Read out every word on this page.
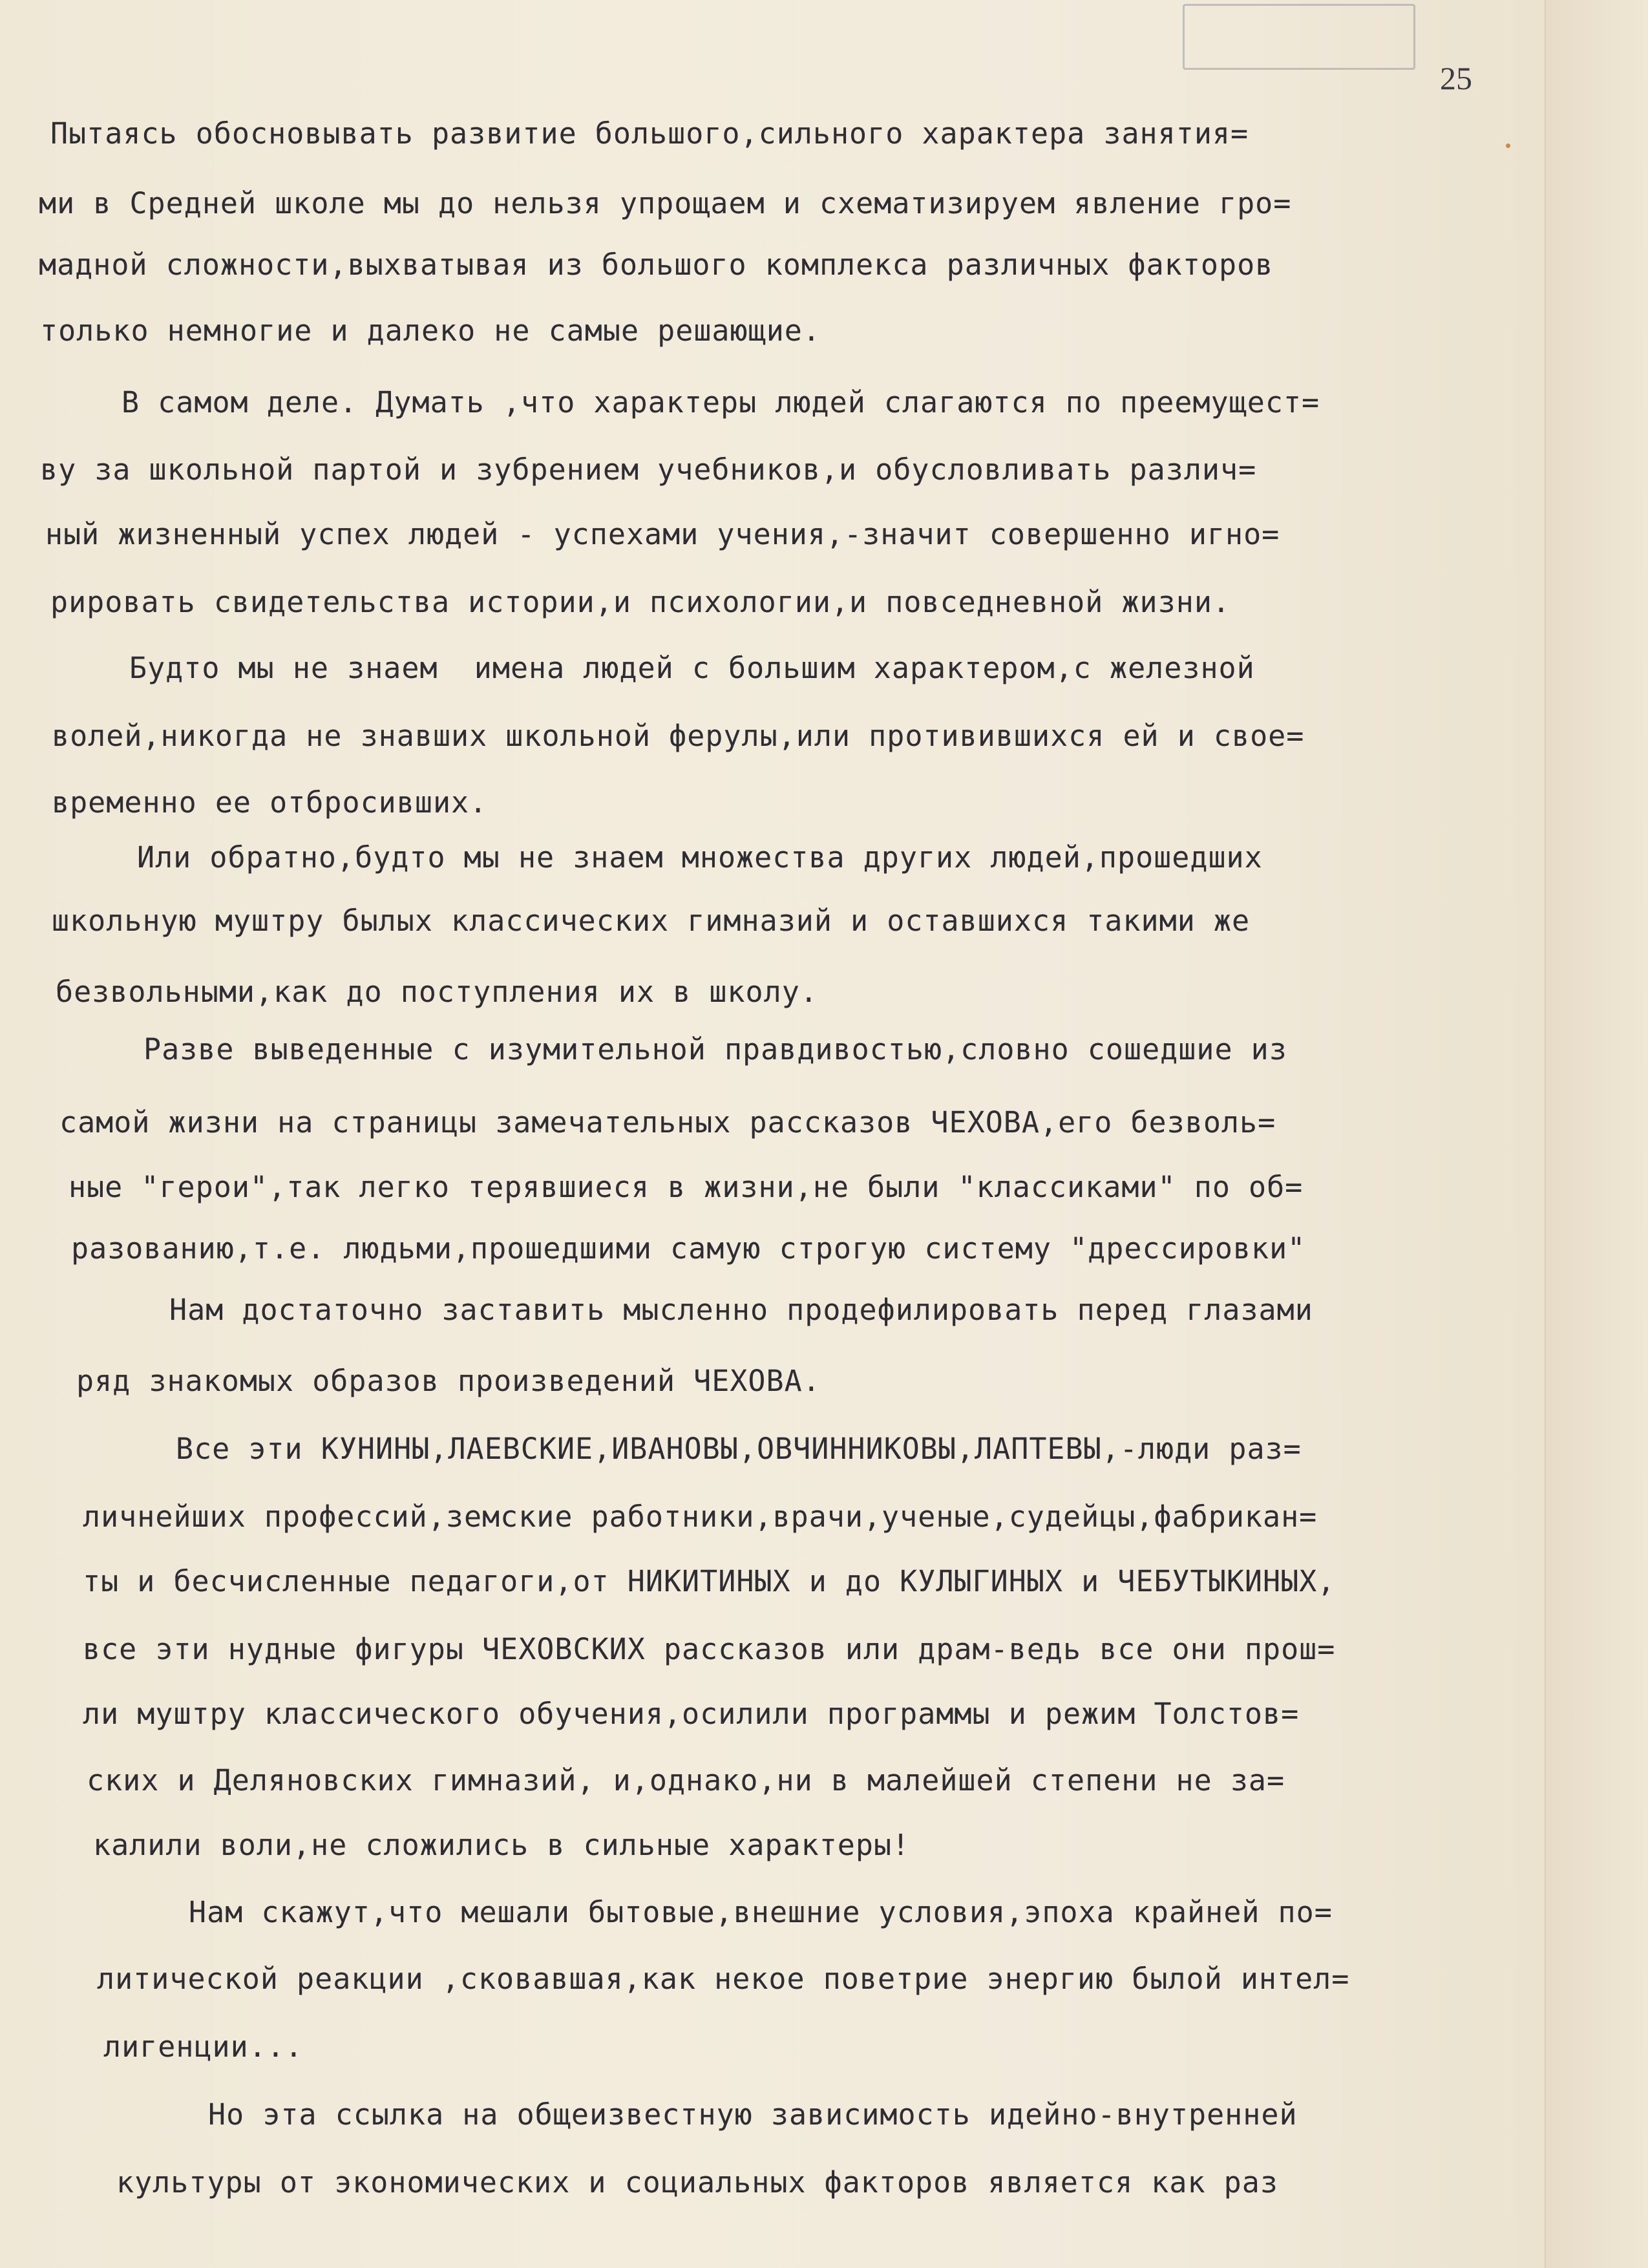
25
Пытаясь обосновывать развитие большого,сильного характера занятия=
ми в Средней школе мы до нельзя упрощаем и схематизируем явление гро=
мадной сложности,выхватывая из большого комплекса различных факторов
только немногие и далеко не самые решающие.
В самом деле. Думать ,что характеры людей слагаются по преемущест=
ву за школьной партой и зубрением учебников,и обусловливать различ=
ный жизненный успех людей - успехами учения,-значит совершенно игно=
рировать свидетельства истории,и психологии,и повседневной жизни.
Будто мы не знаем  имена людей с большим характером,с железной
волей,никогда не знавших школьной ферулы,или противившихся ей и свое=
временно ее отбросивших.
Или обратно,будто мы не знаем множества других людей,прошедших
школьную муштру былых классических гимназий и оставшихся такими же
безвольными,как до поступления их в школу.
Разве выведенные с изумительной правдивостью,словно сошедшие из
самой жизни на страницы замечательных рассказов ЧЕХОВА,его безволь=
ные "герои",так легко терявшиеся в жизни,не были "классиками" по об=
разованию,т.е. людьми,прошедшими самую строгую систему "дрессировки"
Нам достаточно заставить мысленно продефилировать перед глазами
ряд знакомых образов произведений ЧЕХОВА.
Все эти КУНИНЫ,ЛАЕВСКИЕ,ИВАНОВЫ,ОВЧИННИКОВЫ,ЛАПТЕВЫ,-люди раз=
личнейших профессий,земские работники,врачи,ученые,судейцы,фабрикан=
ты и бесчисленные педагоги,от НИКИТИНЫХ и до КУЛЫГИНЫХ и ЧЕБУТЫКИНЫХ,
все эти нудные фигуры ЧЕХОВСКИХ рассказов или драм-ведь все они прош=
ли муштру классического обучения,осилили программы и режим Толстов=
ских и Деляновских гимназий, и,однако,ни в малейшей степени не за=
калили воли,не сложились в сильные характеры!
Нам скажут,что мешали бытовые,внешние условия,эпоха крайней по=
литической реакции ,сковавшая,как некое поветрие энергию былой интел=
лигенции...
Но эта ссылка на общеизвестную зависимость идейно-внутренней
культуры от экономических и социальных факторов является как раз
